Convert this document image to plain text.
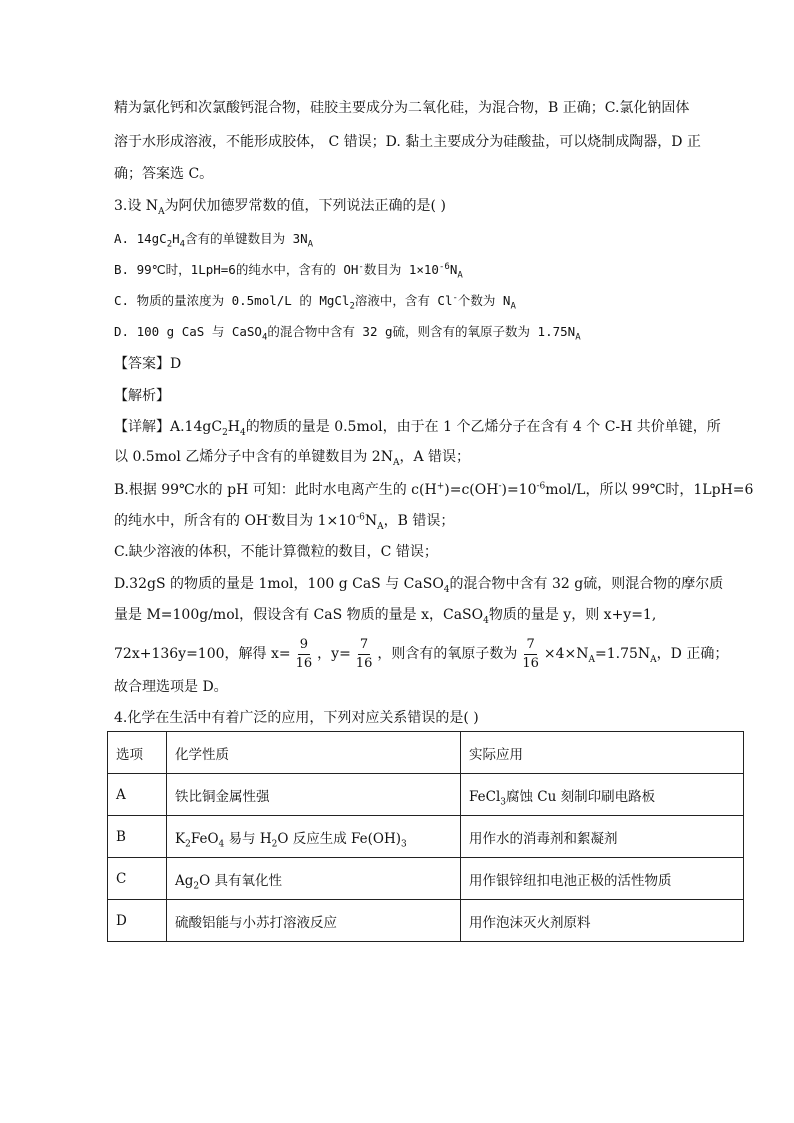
精为氯化钙和次氯酸钙混合物，硅胶主要成分为二氧化硅，为混合物，B 正确；C.氯化钠固体
溶于水形成溶液，不能形成胶体， C 错误；D. 黏土主要成分为硅酸盐，可以烧制成陶器，D 正
确；答案选 C。
3.设 $N_A$为阿伏加德罗常数的值，下列说法正确的是( )
A. $14gC_2H_4$含有的单键数目为 $3N_A$
B. 99℃时，1LpH=6的纯水中，含有的 OH-数目为 $1\times 10^{-6}N_A$
C. 物质的量浓度为 0.5mol/L 的 MgCl$_2$溶液中，含有 Cl-个数为 $N_A$
D. 100 g CaS 与 CaSO$_4$的混合物中含有 32 g硫，则含有的氧原子数为 $1.75N_A$
【答案】D
【解析】
【详解】$A.14gC_2H_4$的物质的量是 0.5mol，由于在 1 个乙烯分子在含有 4 个 C-H 共价单键，所
以 0.5mol 乙烯分子中含有的单键数目为 $2N_A$，A 错误；
B.根据 99℃水的 pH 可知：此时水电离产生的 $c(H^+)=c(OH^-)=10^{-6}mol/L$，所以 99℃时，1LpH=6
的纯水中，所含有的 OH-数目为 $1\times 10^{-6}N_A$，B 错误；
C.缺少溶液的体积，不能计算微粒的数目，C 错误；
D.32gS 的物质的量是 1mol，100 g CaS 与 CaSO$_4$的混合物中含有 32 g硫，则混合物的摩尔质
量是 M=100g/mol，假设含有 CaS 物质的量是 x，CaSO$_4$物质的量是 y，则 x+y=1,
72x+136y=100，解得 $x= \frac{9}{16}$ ，$y= \frac{7}{16}$ ，则含有的氧原子数为 $\frac{7}{16} \times 4\times N_A=1.75N_A$，D 正确；
故合理选项是 D。
4.化学在生活中有着广泛的应用，下列对应关系错误的是( )
选项	化学性质	实际应用
A	铁比铜金属性强	FeCl$_3$腐蚀 Cu 刻制印刷电路板
B	$K_2FeO_4$ 易与 $H_2O$ 反应生成 $Fe(OH)_3$	用作水的消毒剂和絮凝剂
C	$Ag_2O$ 具有氧化性	用作银锌纽扣电池正极的活性物质
D	硫酸铝能与小苏打溶液反应	用作泡沫灭火剂原料
